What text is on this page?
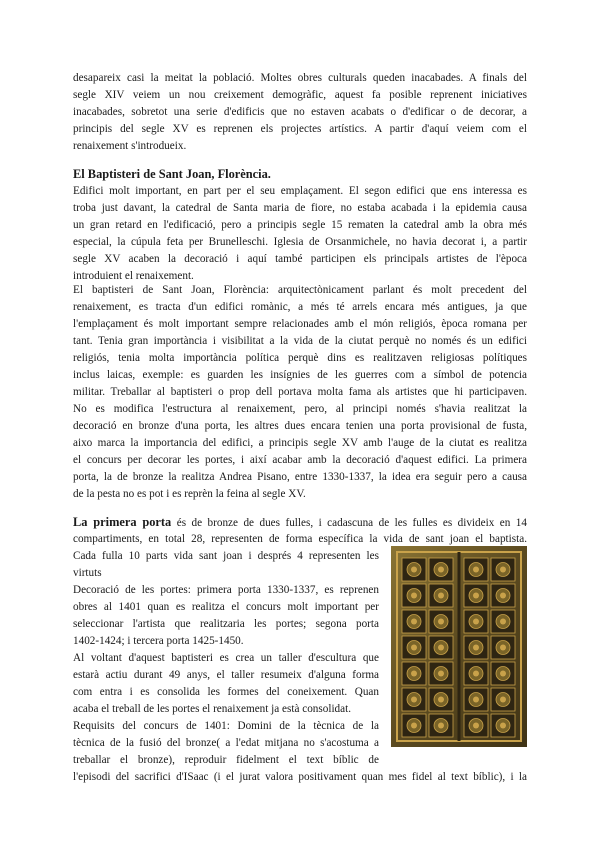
desapareix casi la meitat la població. Moltes obres culturals queden inacabades. A finals del
segle XIV veiem un nou creixement demogràfic, aquest fa posible reprenent iniciatives
inacabades, sobretot una serie d'edificis que no estaven acabats o d'edificar o de decorar, a
principis del segle XV es reprenen els projectes artístics. A partir d'aquí veiem com el
renaixement s'introdueix.
El Baptisteri de Sant Joan, Florència.
Edifici molt important, en part per el seu emplaçament. El segon edifici que ens interessa es
troba just davant, la catedral de Santa maria de fiore, no estaba acabada i la epidemia causa
un gran retard en l'edificació, pero a principis segle 15 rematen la catedral amb la obra més
especial, la cúpula feta per Brunelleschi. Iglesia de Orsanmichele, no havia decorat i, a partir
segle XV acaben la decoració i aquí també participen els principals artistes de l'època
introduient el renaixement.
El baptisteri de Sant Joan, Florència: arquitectònicament parlant és molt precedent del
renaixement, es tracta d'un edifici romànic, a més té arrels encara més antigues, ja que
l'emplaçament és molt important sempre relacionades amb el món religiós, època romana per
tant. Tenia gran importància i visibilitat a la vida de la ciutat perquè no només és un edifici
religiós, tenia molta importància política perquè dins es realitzaven religiosas polítiques
inclus laicas, exemple: es guarden les insígnies de les guerres com a símbol de potencia
militar. Treballar al baptisteri o prop dell portava molta fama als artistes que hi participaven.
No es modifica l'estructura al renaixement, pero, al principi només s'havia realitzat la
decoració en bronze d'una porta, les altres dues encara tenien una porta provisional de fusta,
aixo marca la importancia del edifici, a principis segle XV amb l'auge de la ciutat es realitza
el concurs per decorar les portes, i així acabar amb la decoració d'aquest edifici. La primera
porta, la de bronze la realitza Andrea Pisano, entre 1330-1337, la idea era seguir pero a causa
de la pesta no es pot i es reprèn la feina al segle XV.
La primera porta és de bronze de dues fulles, i cadascuna de les fulles es divideix en 14
compartiments, en total 28, representen de forma específica la vida de sant joan el baptista.
Cada fulla 10 parts vida sant joan i després 4 representen les
virtuts
Decoració de les portes: primera porta 1330-1337, es reprenen
obres al 1401 quan es realitza el concurs molt important per
seleccionar l'artista que realitzaria les portes; segona porta
1402-1424; i tercera porta 1425-1450.
Al voltant d'aquest baptisteri es crea un taller d'escultura que
estarà actiu durant 49 anys, el taller resumeix d'alguna forma
com entra i es consolida les formes del coneixement. Quan
acaba el treball de les portes el renaixement ja està consolidat.
Requisits del concurs de 1401: Domini de la tècnica de la
tècnica de la fusió del bronze( a l'edat mitjana no s'acostuma a
treballar el bronze), reproduir fidelment el text bíblic de
l'episodi del sacrifici d'ISaac (i el jurat valora positivament quan mes fidel al text bíblic), i la
